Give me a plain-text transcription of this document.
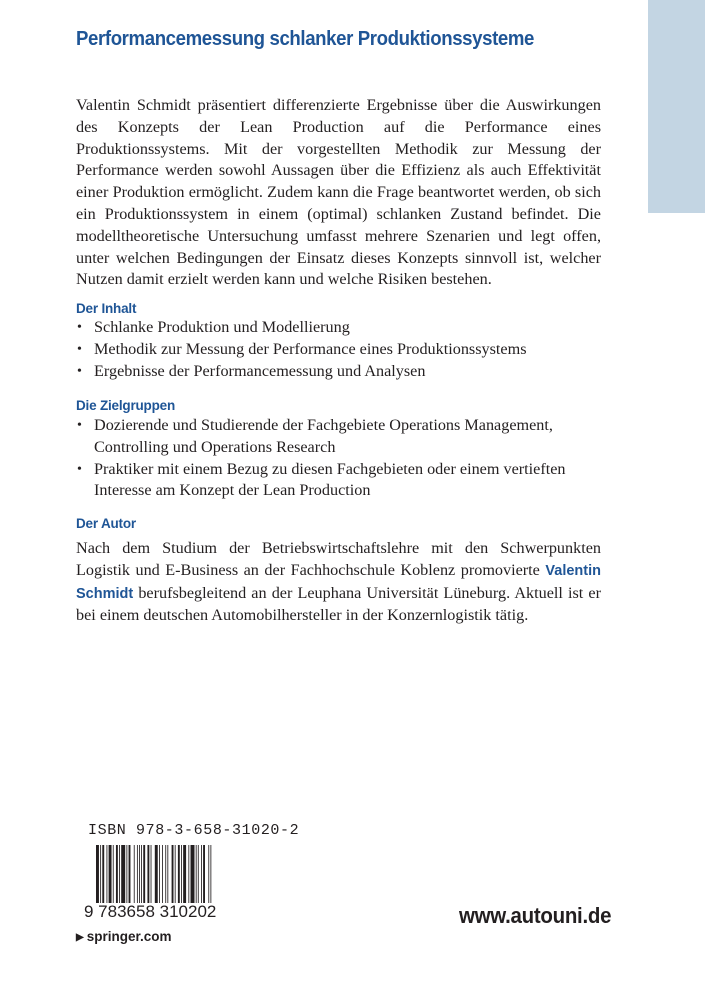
Performancemessung schlanker Produktionssysteme

Valentin Schmidt präsentiert differenzierte Ergebnisse über die Auswirkungen des Konzepts der Lean Production auf die Performance eines Produktionssystems. Mit der vorgestellten Methodik zur Messung der Performance werden sowohl Aussagen über die Effizienz als auch Effektivität einer Produktion ermöglicht. Zudem kann die Frage beantwortet werden, ob sich ein Produktionssystem in einem (optimal) schlanken Zustand befindet. Die modelltheoretische Untersuchung umfasst mehrere Szenarien und legt offen, unter welchen Bedingungen der Einsatz dieses Konzepts sinnvoll ist, welcher Nutzen damit erzielt werden kann und welche Risiken bestehen.

Der Inhalt
• Schlanke Produktion und Modellierung
• Methodik zur Messung der Performance eines Produktionssystems
• Ergebnisse der Performancemessung und Analysen
Die Zielgruppen
• Dozierende und Studierende der Fachgebiete Operations Management, Controlling und Operations Research
• Praktiker mit einem Bezug zu diesen Fachgebieten oder einem vertieften Interesse am Konzept der Lean Production
Der Autor

Nach dem Studium der Betriebswirtschaftslehre mit den Schwerpunkten Logistik und E-Business an der Fachhochschule Koblenz promovierte Valentin Schmidt berufsbegleitend an der Leuphana Universität Lüneburg. Aktuell ist er bei einem deutschen Automobilhersteller in der Konzernlogistik tätig.

ISBN 978-3-658-31020-2
9 783658 310202	www.autouni.de
▶ springer.com
